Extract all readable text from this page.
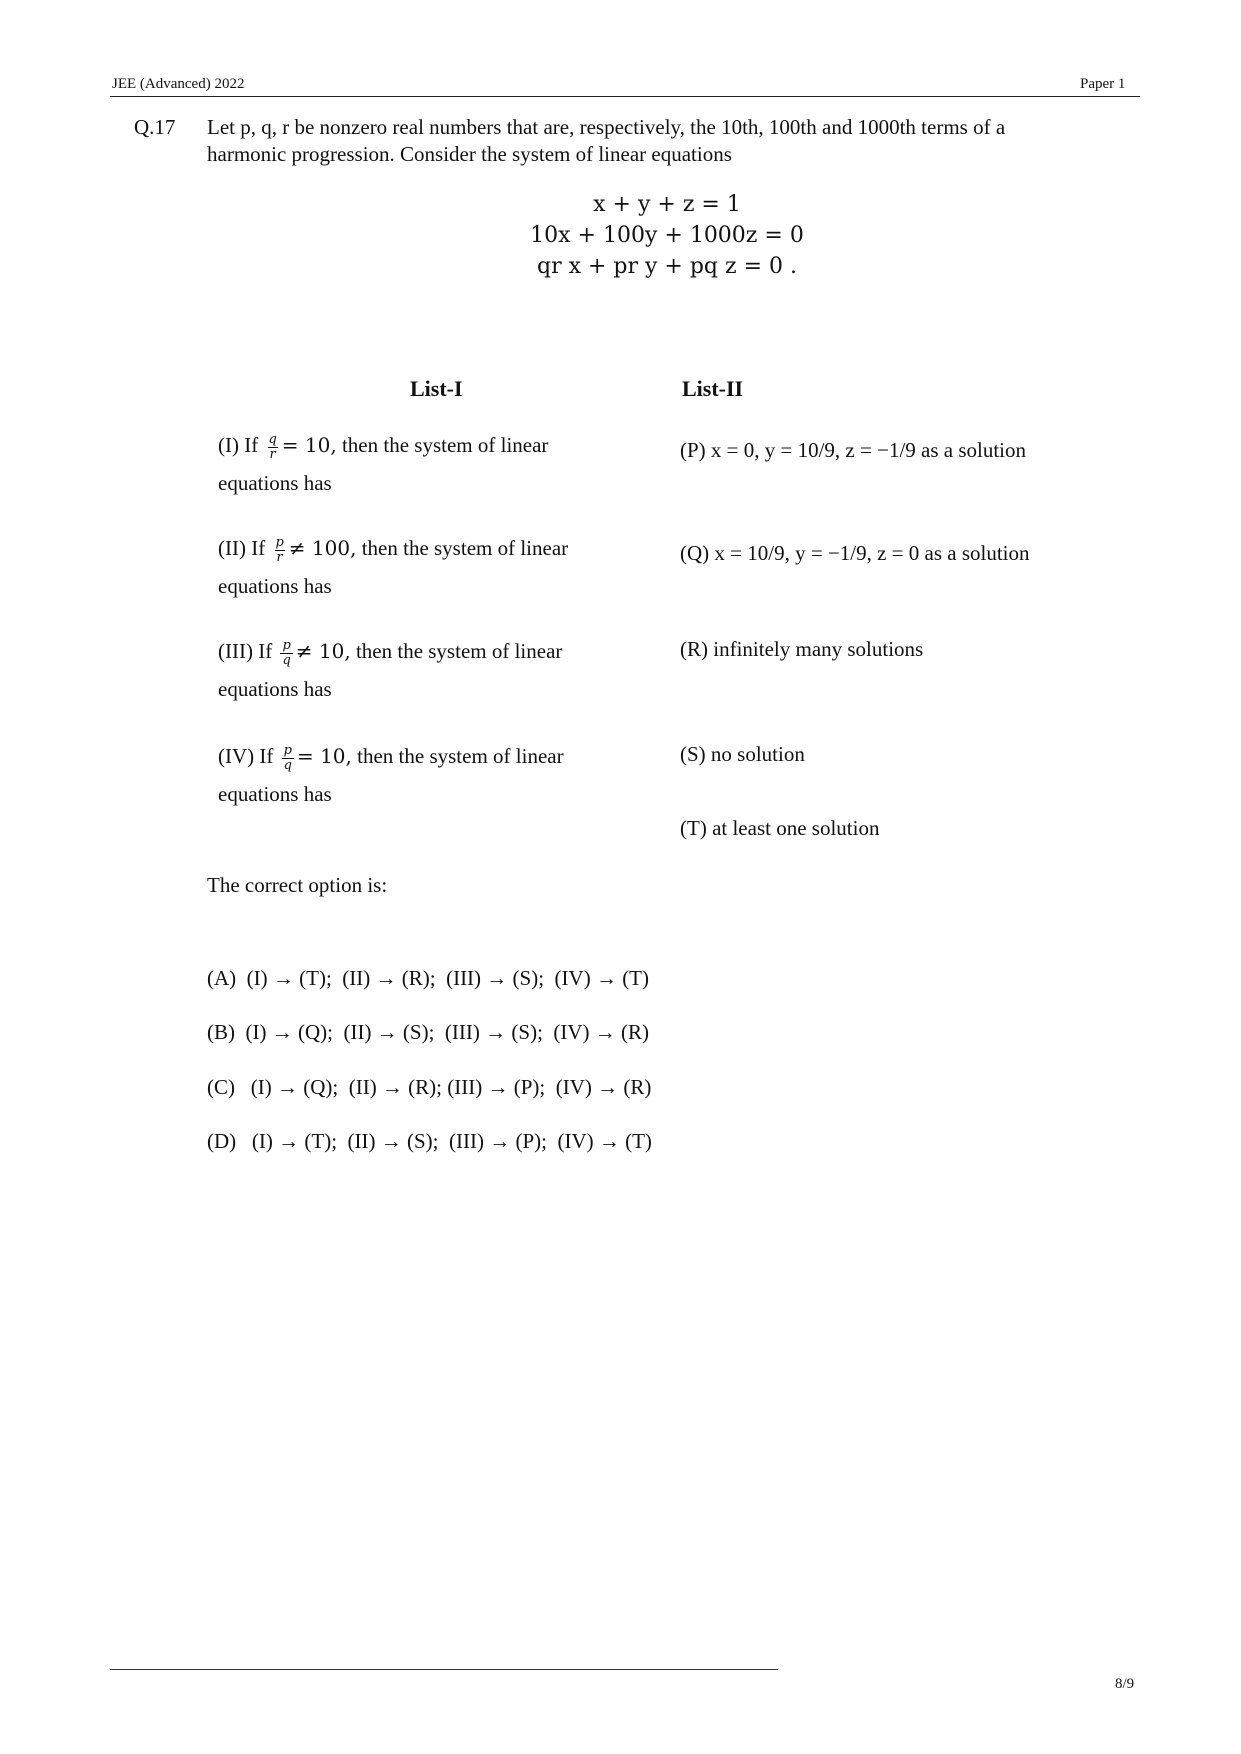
JEE (Advanced) 2022	Paper 1
Q.17 Let p, q, r be nonzero real numbers that are, respectively, the 10th, 100th and 1000th terms of a
harmonic progression. Consider the system of linear equations
x + y + z = 1
10x + 100y + 1000z = 0
qr x + pr y + pq z = 0 .
List-I	List-II
(I) If $\frac{q}{r} = 10$, then the system of linear
equations has
(II) If $\frac{p}{r} \ne 100$, then the system of linear
equations has
(III) If $\frac{p}{q} \ne 10$, then the system of linear
equations has
(IV) If $\frac{p}{q} = 10$, then the system of linear
equations has
(P) x = 0, y = 10/9, z = −1/9 as a solution
(Q) x = 10/9, y = −1/9, z = 0 as a solution
(R) infinitely many solutions
(S) no solution
(T) at least one solution
The correct option is:
(A)  (I) → (T);  (II) → (R);  (III) → (S);  (IV) → (T)
(B)  (I) → (Q);  (II) → (S);  (III) → (S);  (IV) → (R)
(C)   (I) → (Q);  (II) → (R); (III) → (P);  (IV) → (R)
(D)   (I) → (T);  (II) → (S);  (III) → (P);  (IV) → (T)
8/9
